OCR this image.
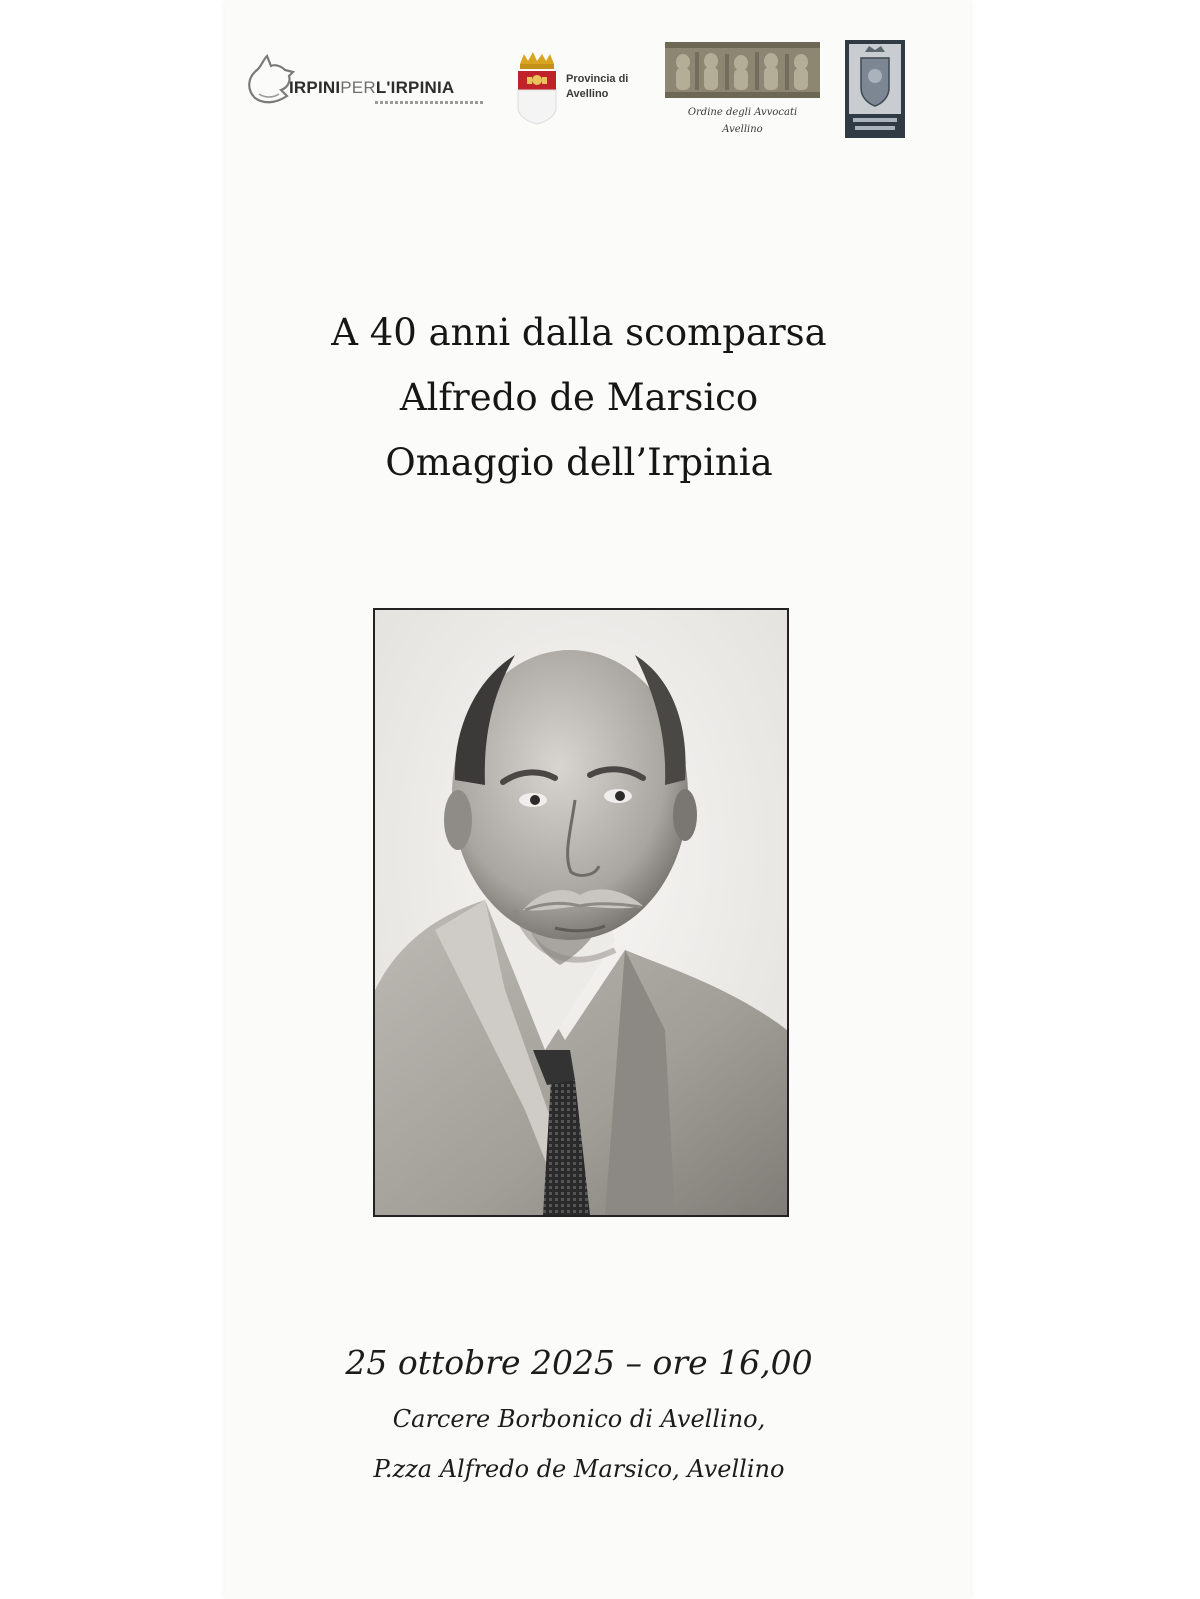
IRPINIPERL'IRPINIA	Provincia di
Avellino
Ordine degli Avvocati
Avellino
A 40 anni dalla scomparsa
Alfredo de Marsico
Omaggio dell’Irpinia
25 ottobre 2025 – ore 16,00
Carcere Borbonico di Avellino,
P.zza Alfredo de Marsico, Avellino
